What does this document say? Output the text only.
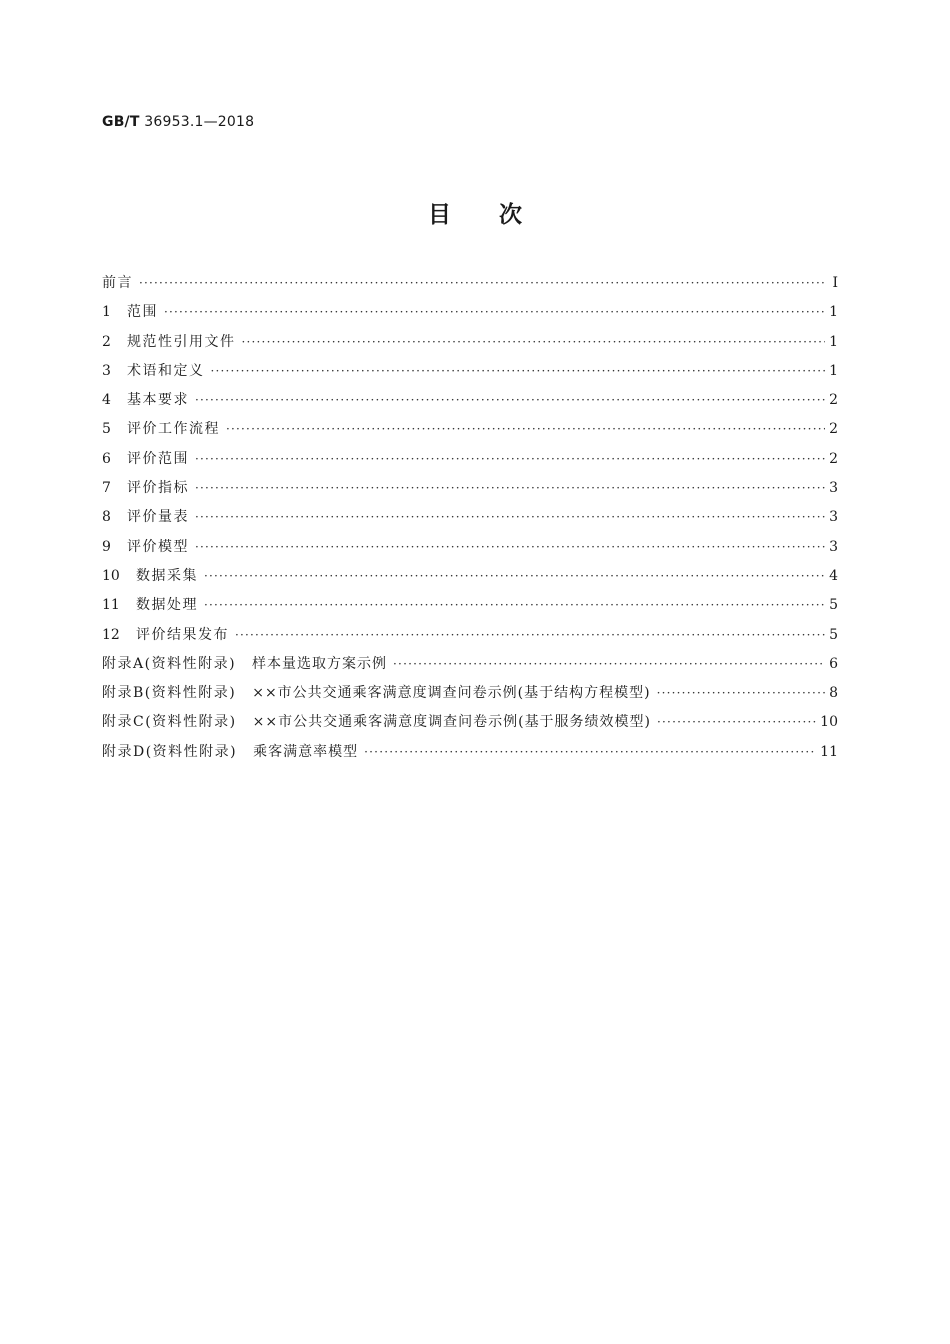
GB/T 36953.1—2018
目次
前言 ·····	Ⅰ
1	范围 ·····	1
2	规范性引用文件 ·····	1
3	术语和定义 ·····	1
4	基本要求 ·····	2
5	评价工作流程 ·····	2
6	评价范围 ·····	2
7	评价指标 ·····	3
8	评价量表 ·····	3
9	评价模型 ·····	3
10	数据采集 ·····	4
11	数据处理 ·····	5
12	评价结果发布 ·····	5
附录A(资料性附录) 样本量选取方案示例 ·····	6
附录B(资料性附录) ××市公共交通乘客满意度调查问卷示例(基于结构方程模型) ·····	8
附录C(资料性附录) ××市公共交通乘客满意度调查问卷示例(基于服务绩效模型) ·····	10
附录D(资料性附录) 乘客满意率模型 ·····	11
